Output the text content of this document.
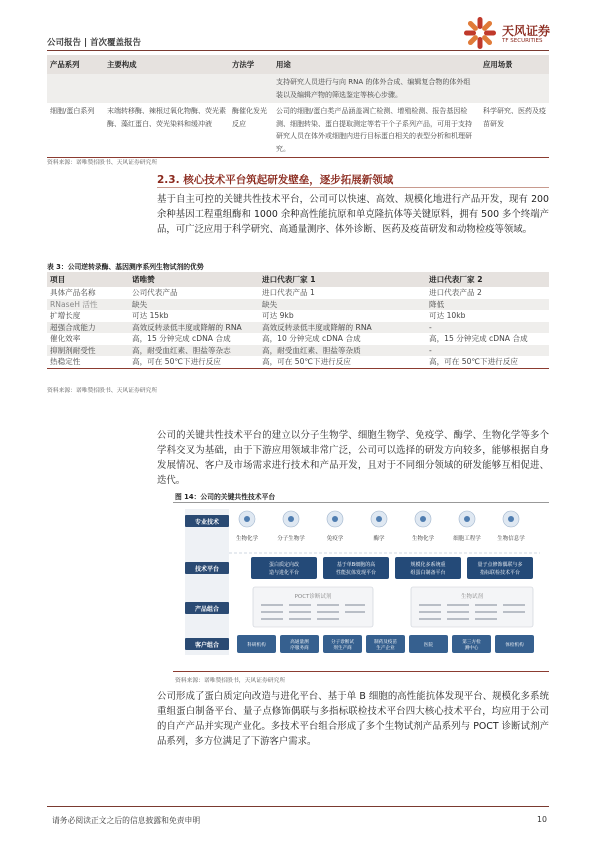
公司报告 | 首次覆盖报告
天风证券
TF SECURITIES
产品系列	主要构成	方法学	用途	应用场景
			支持研究人员进行与向 RNA 的体外合成、编辑复合物的体外组装以及编辑产物的筛选鉴定等核心步骤。	
细胞/蛋白系列	末端转移酶、辣根过氧化物酶、荧光素酶、藻红蛋白、荧光染料和缓冲液	酶催化发光反应	公司的细胞/蛋白类产品涵盖凋亡检测、增殖检测、报告基因检测、细胞转染、蛋白提取测定等若干个子系列产品，可用于支持研究人员在体外或细胞内进行目标蛋白相关的表型分析和机理研究。	科学研究、医药及疫苗研发
资料来源：诺唯赞招股书、天风证券研究所
2.3. 核心技术平台筑起研发壁垒，逐步拓展新领域
基于自主可控的关键共性技术平台，公司可以快速、高效、规模化地进行产品开发，现有 200 余种基因工程重组酶和 1000 余种高性能抗原和单克隆抗体等关键原料，拥有 500 多个终端产品，可广泛应用于科学研究、高通量测序、体外诊断、医药及疫苗研发和动物检疫等领域。
表 3：公司逆转录酶、基因测序系列生物试剂的优势
项目	诺唯赞	进口代表厂家 1	进口代表厂家 2
具体产品名称	公司代表产品	进口代表产品 1	进口代表产品 2
RNaseH 活性	缺失	缺失	降低
扩增长度	可达 15kb	可达 9kb	可达 10kb
超强合成能力	高效反转录低丰度或降解的 RNA	高效反转录低丰度或降解的 RNA	-
催化效率	高，15 分钟完成 cDNA 合成	高，10 分钟完成 cDNA 合成	高，15 分钟完成 cDNA 合成
抑制剂耐受性	高，耐受血红素、胆盐等杂志	高，耐受血红素、胆盐等杂质	-
热稳定性	高，可在 50℃下进行反应	高，可在 50℃下进行反应	高，可在 50℃下进行反应
资料来源：诺唯赞招股书、天风证券研究所
公司的关键共性技术平台的建立以分子生物学、细胞生物学、免疫学、酶学、生物化学等多个学科交叉为基础，由于下游应用领域非常广泛，公司可以选择的研发方向较多，能够根据自身发展情况、客户及市场需求进行技术和产品开发，且对于不同细分领域的研发能够互相促进、迭代。
图 14：公司的关键共性技术平台
专业技术
生物化学	分子生物学	免疫学	酶学	生物化学	细胞工程学	生物信息学
技术平台
蛋白质定向改
造与进化平台
基于单B细胞的高
性能抗体发现平台
规模化多系统重
组蛋白制备平台
量子点修饰偶联与多
指标联检技术平台
产品组合
POCT诊断试剂	生物试剂
客户组合	科研机构
高通量测
序服务商
分子诊断试
剂生产商
制药及疫苗
生产企业
医院
第三方检
测中心
体检机构
资料来源：诺唯赞招股书，天风证券研究所
公司形成了蛋白质定向改造与进化平台、基于单 B 细胞的高性能抗体发现平台、规模化多系统重组蛋白制备平台、量子点修饰偶联与多指标联检技术平台四大核心技术平台，均应用于公司的自产产品并实现产业化。多技术平台组合形成了多个生物试剂产品系列与 POCT 诊断试剂产品系列，多方位满足了下游客户需求。
请务必阅读正文之后的信息披露和免责申明	10
